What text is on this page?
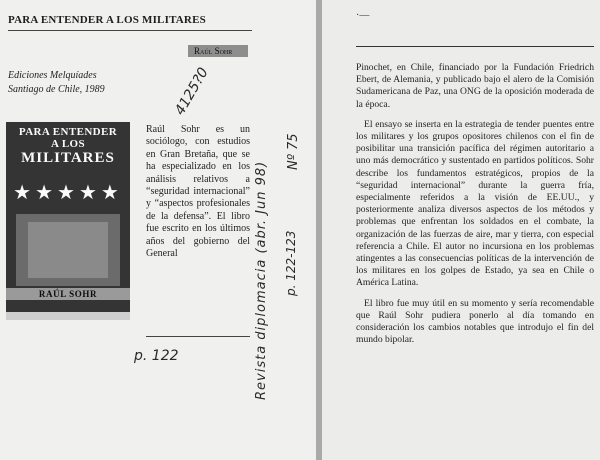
PARA ENTENDER A LOS MILITARES
Raúl Sohr
Ediciones Melquíades
Santiago de Chile, 1989
PARA ENTENDER
A LOS
MILITARES
★★★★★
RAÚL SOHR
Raúl Sohr es un sociólogo, con estudios en Gran Bretaña, que se ha especializado en los análisis relativos a “seguridad internacional” y “aspectos profesionales de la defensa”. El libro fue escrito en los últimos años del gobierno del General
4125?0
Revista diplomacia (abr. Jun 98)
Nº 75
p. 122-123
p. 122
·—

Pinochet, en Chile, financiado por la Fundación Friedrich Ebert, de Alemania, y publicado bajo el alero de la Comisión Sudamericana de Paz, una ONG de la oposición moderada de la época.

El ensayo se inserta en la estrategia de tender puentes entre los militares y los grupos opositores chilenos con el fin de posibilitar una transición pacífica del régimen autoritario a uno más democrático y sustentado en partidos políticos. Sohr describe los fundamentos estratégicos, propios de la “seguridad internacional” durante la guerra fría, especialmente referidos a la visión de EE.UU., y posteriormente analiza diversos aspectos de los métodos y problemas que enfrentan los soldados en el combate, la organización de las fuerzas de aire, mar y tierra, con especial referencia a Chile. El autor no incursiona en los problemas atingentes a las consecuencias políticas de la intervención de los militares en los golpes de Estado, ya sea en Chile o América Latina.

El libro fue muy útil en su momento y sería recomendable que Raúl Sohr pudiera ponerlo al día tomando en consideración los cambios notables que introdujo el fin del mundo bipolar.
